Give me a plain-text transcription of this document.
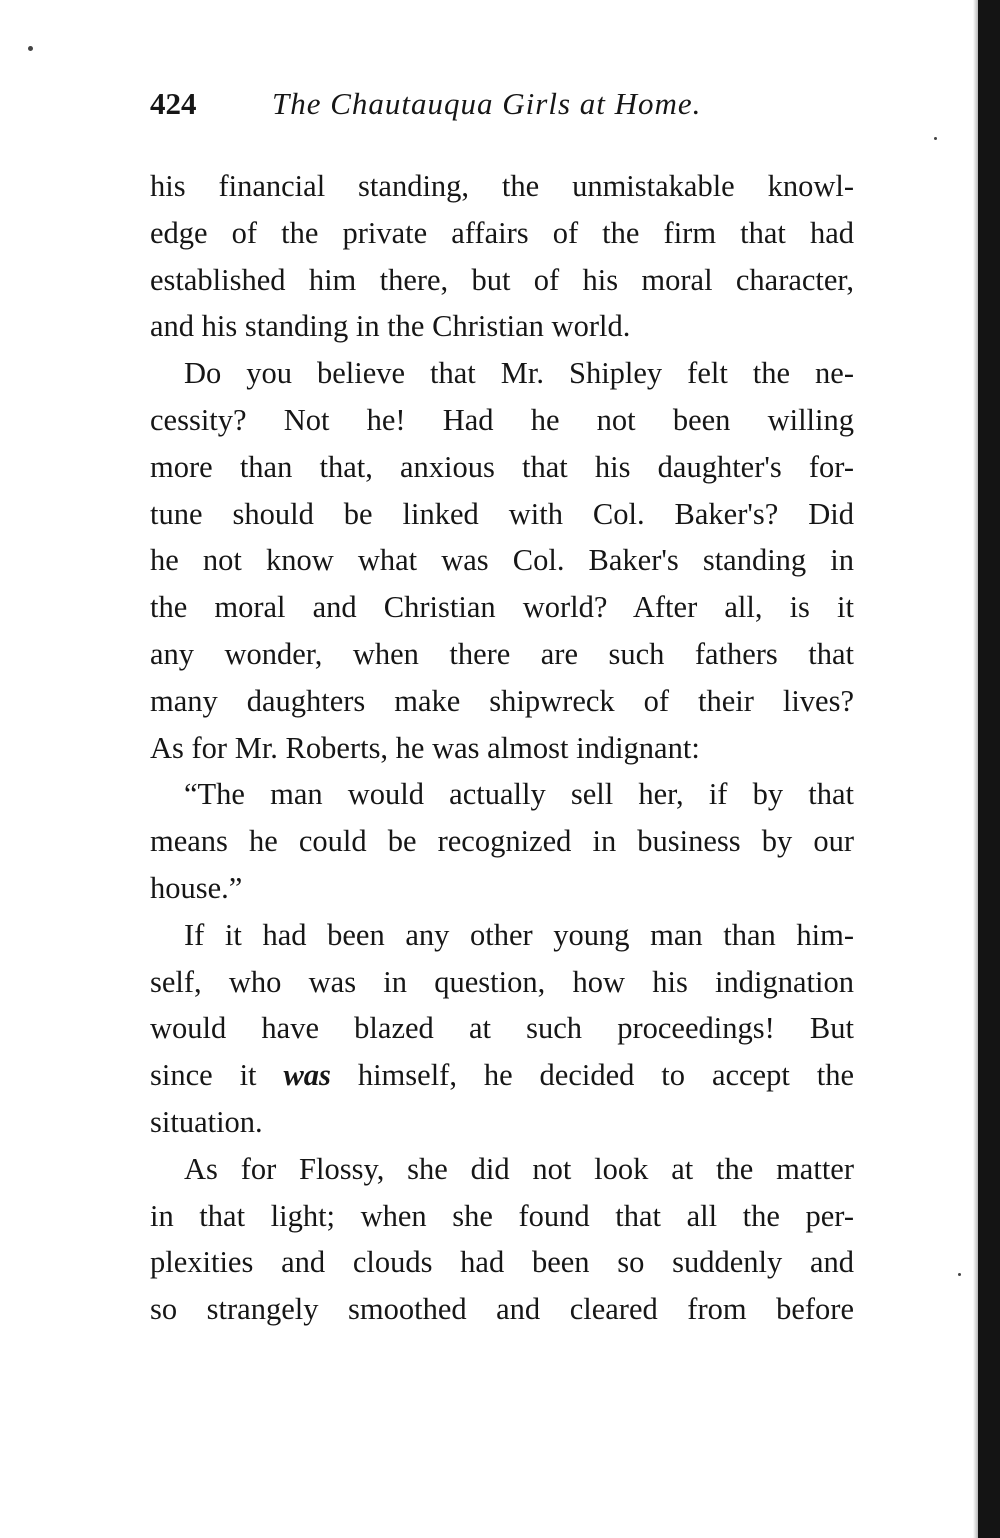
424 The Chautauqua Girls at Home.
his financial standing, the unmistakable knowl-
edge of the private affairs of the firm that had
established him there, but of his moral character,
and his standing in the Christian world.
Do you believe that Mr. Shipley felt the ne-
cessity? Not he! Had he not been willing
more than that, anxious that his daughter's for-
tune should be linked with Col. Baker's? Did
he not know what was Col. Baker's standing in
the moral and Christian world? After all, is it
any wonder, when there are such fathers that
many daughters make shipwreck of their lives?
As for Mr. Roberts, he was almost indignant:
“The man would actually sell her, if by that
means he could be recognized in business by our
house.”
If it had been any other young man than him-
self, who was in question, how his indignation
would have blazed at such proceedings! But
since it was himself, he decided to accept the
situation.
As for Flossy, she did not look at the matter
in that light; when she found that all the per-
plexities and clouds had been so suddenly and
so strangely smoothed and cleared from before
